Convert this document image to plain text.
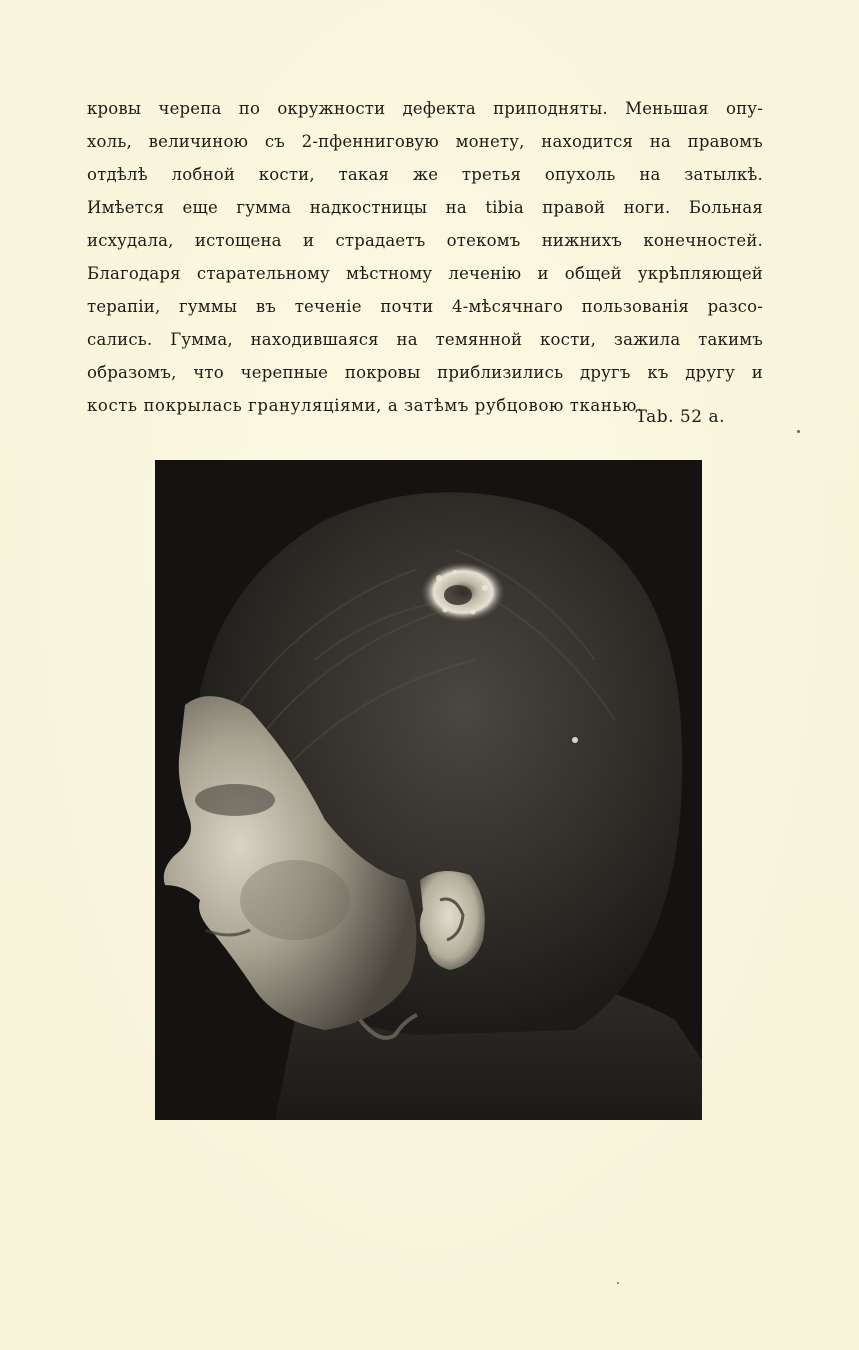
кровы черепа по окружности дефекта приподняты. Меньшая опу-
холь, величиною съ 2-пфенниговую монету, находится на правомъ
отдѣлѣ лобной кости, такая же третья опухоль на затылкѣ.
Имѣется еще гумма надкостницы на tibia правой ноги. Больная
исхудала, истощена и страдаетъ отекомъ нижнихъ конечностей.
Благодаря старательному мѣстному леченію и общей укрѣпляющей
терапіи, гуммы въ теченіе почти 4-мѣсячнаго пользованія разсо-
сались. Гумма, находившаяся на темянной кости, зажила такимъ
образомъ, что черепные покровы приблизились другъ къ другу и
кость покрылась грануляціями, а затѣмъ рубцовою тканью.
Tab. 52 a.
